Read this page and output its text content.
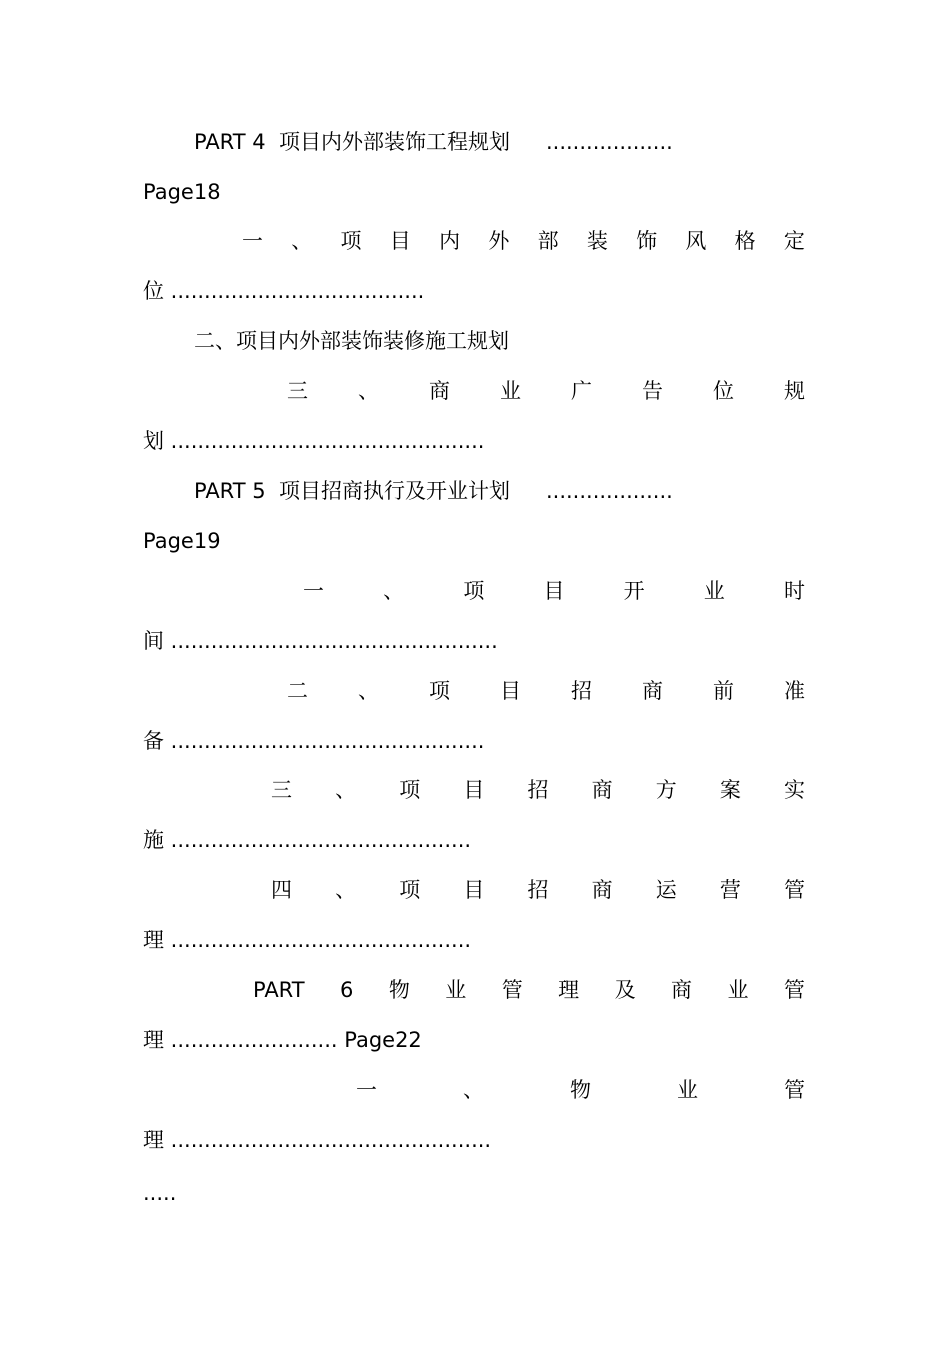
PART 4  项目内外部装饰工程规划 ...................
Page18
一 、 项 目 内 外 部 装 饰 风 格 定
位 ......................................
二、项目内外部装饰装修施工规划
三 、 商 业 广 告 位 规
划 ...............................................
PART 5  项目招商执行及开业计划 ...................
Page19
一	、	项	目	开	业	时
间 .................................................
二 、 项 目 招 商 前 准
备 ...............................................
三 、 项 目 招 商 方 案 实
施 .............................................
四 、 项 目 招 商 运 营 管
理 .............................................
PART 6 物 业 管 理 及 商 业 管
理 ......................... Page22
一	、	物	业	管
理 ................................................
.....
